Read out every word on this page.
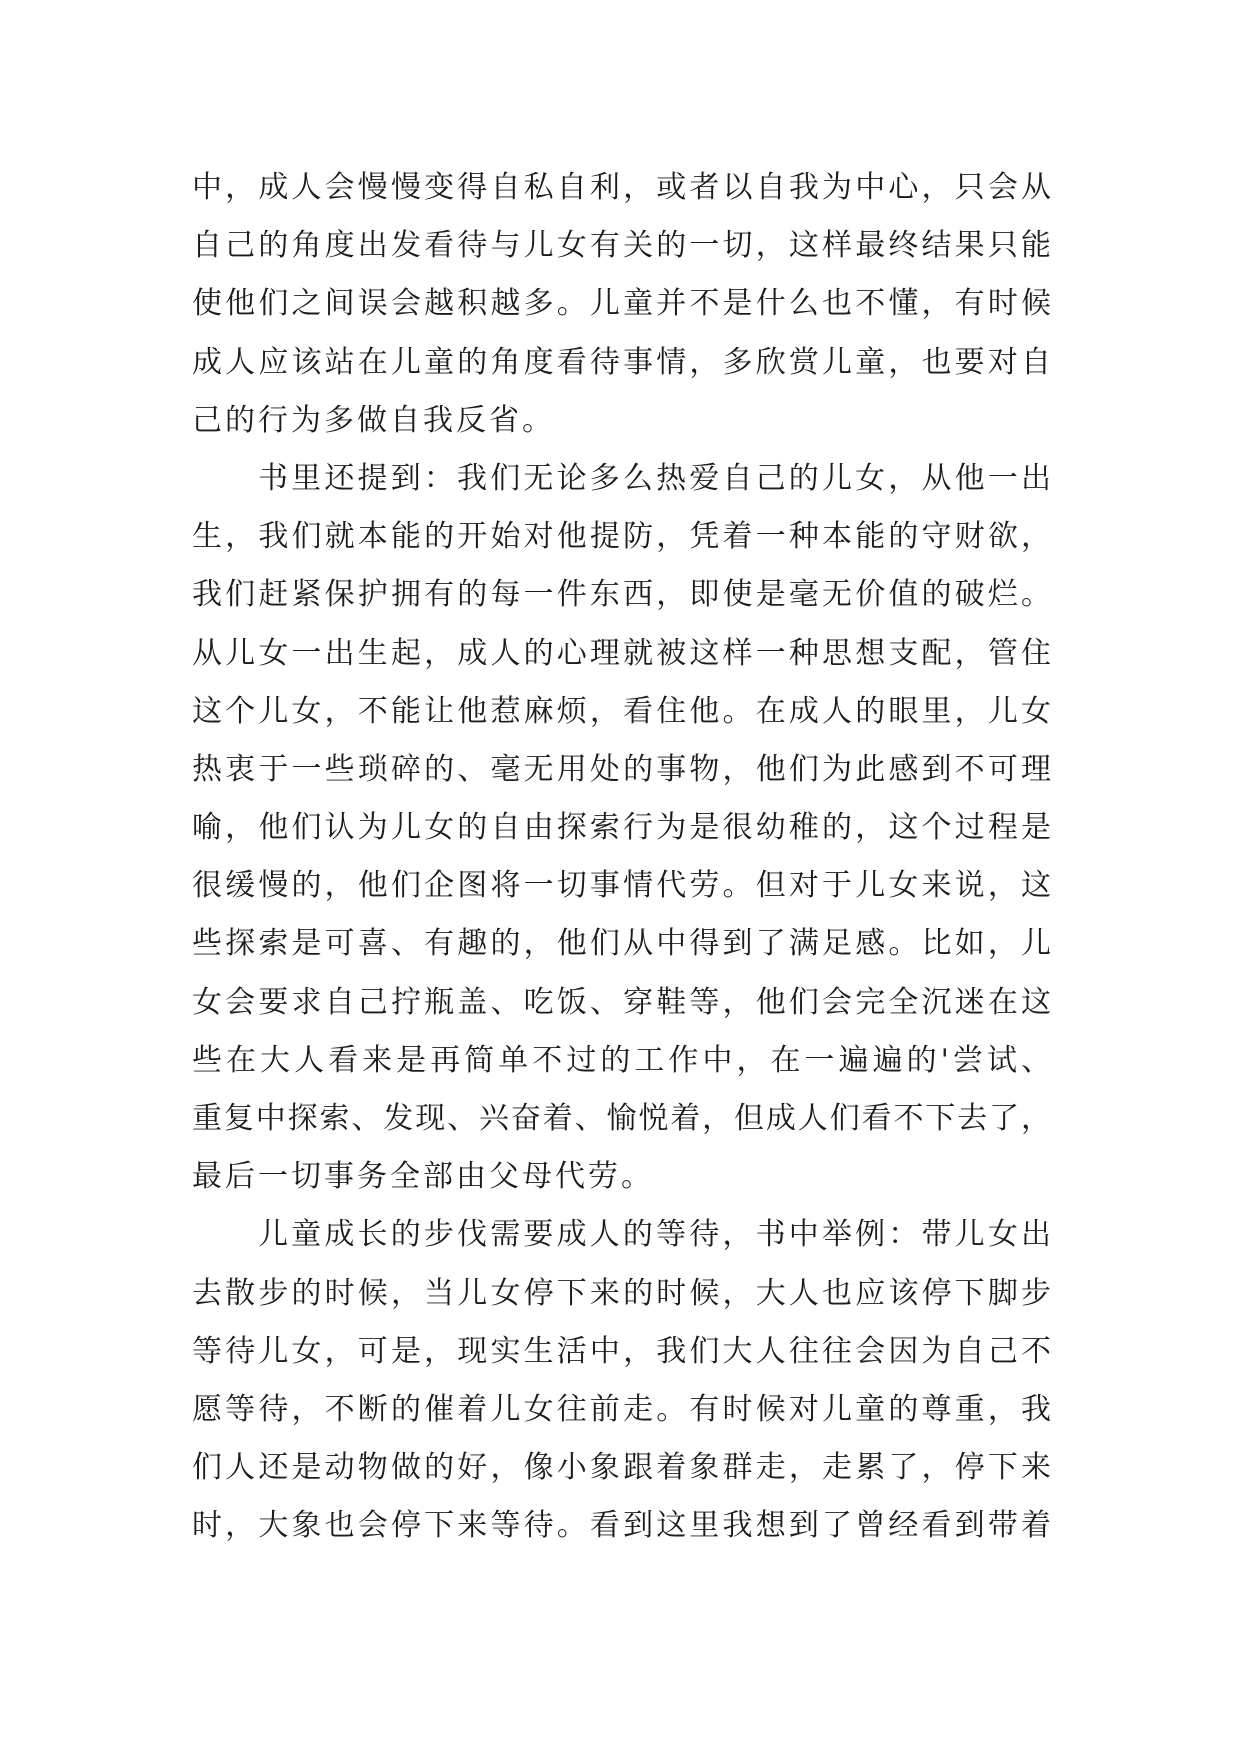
中，成人会慢慢变得自私自利，或者以自我为中心，只会从
自己的角度出发看待与儿女有关的一切，这样最终结果只能
使他们之间误会越积越多。儿童并不是什么也不懂，有时候
成人应该站在儿童的角度看待事情，多欣赏儿童，也要对自
己的行为多做自我反省。
书里还提到：我们无论多么热爱自己的儿女，从他一出
生，我们就本能的开始对他提防，凭着一种本能的守财欲，
我们赶紧保护拥有的每一件东西，即使是毫无价值的破烂。
从儿女一出生起，成人的心理就被这样一种思想支配，管住
这个儿女，不能让他惹麻烦，看住他。在成人的眼里，儿女
热衷于一些琐碎的、毫无用处的事物，他们为此感到不可理
喻，他们认为儿女的自由探索行为是很幼稚的，这个过程是
很缓慢的，他们企图将一切事情代劳。但对于儿女来说，这
些探索是可喜、有趣的，他们从中得到了满足感。比如，儿
女会要求自己拧瓶盖、吃饭、穿鞋等，他们会完全沉迷在这
些在大人看来是再简单不过的工作中，在一遍遍的'尝试、
重复中探索、发现、兴奋着、愉悦着，但成人们看不下去了，
最后一切事务全部由父母代劳。
儿童成长的步伐需要成人的等待，书中举例：带儿女出
去散步的时候，当儿女停下来的时候，大人也应该停下脚步
等待儿女，可是，现实生活中，我们大人往往会因为自己不
愿等待，不断的催着儿女往前走。有时候对儿童的尊重，我
们人还是动物做的好，像小象跟着象群走，走累了，停下来
时，大象也会停下来等待。看到这里我想到了曾经看到带着
